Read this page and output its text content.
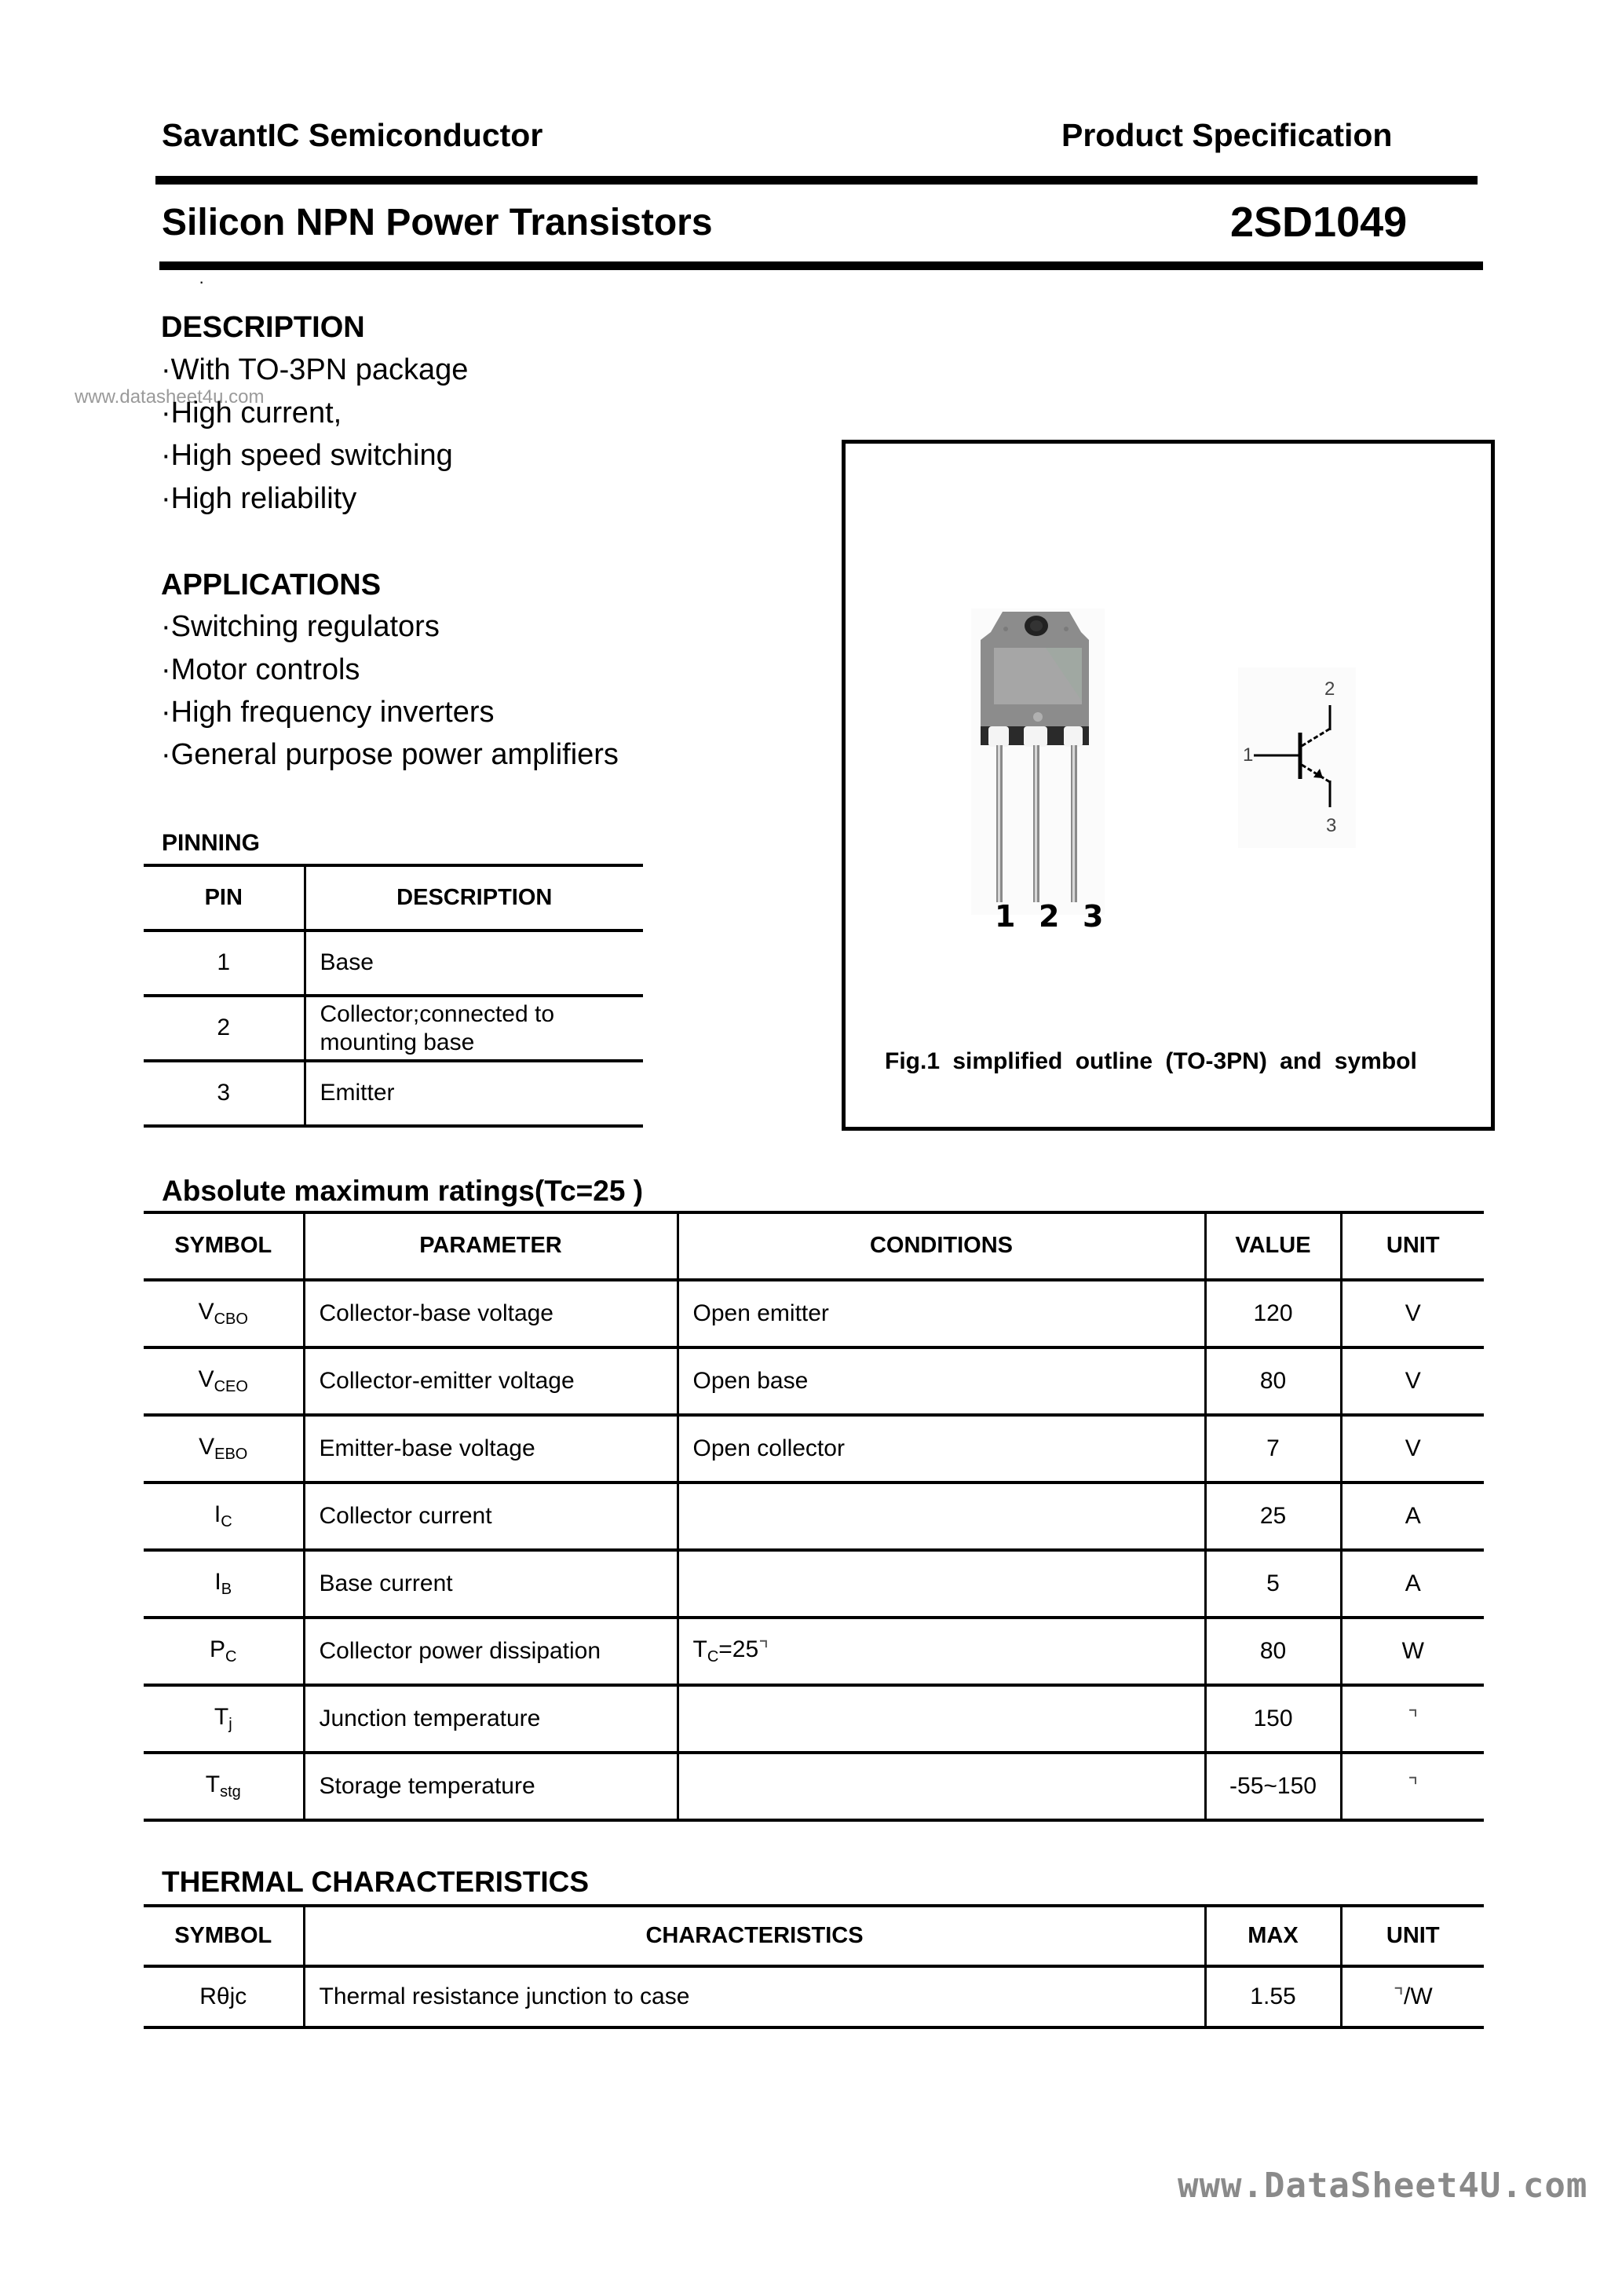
SavantIC Semiconductor	Product Specification
Silicon NPN Power Transistors	2SD1049
·
www.datasheet4u.com
DESCRIPTION
·With TO-3PN package
·High current,
·High speed switching
·High reliability
APPLICATIONS
·Switching regulators
·Motor controls
·High frequency inverters
·General purpose power amplifiers
PINNING
PIN	DESCRIPTION
1	Base
2	Collector;connected to
mounting base
3	Emitter
1 2 3
1
2
3
Fig.1 simplified outline (TO-3PN) and symbol
Absolute maximum ratings(Tc=25 )
SYMBOL	PARAMETER	CONDITIONS	VALUE	UNIT
$V_{CBO}$	Collector-base voltage	Open emitter	120	V
$V_{CEO}$	Collector-emitter voltage	Open base	80	V
$V_{EBO}$	Emitter-base voltage	Open collector	7	V
$I_C$	Collector current		25	A
$I_B$	Base current		5	A
$P_C$	Collector power dissipation	$T_C=25⌝$	80	W
$T_j$	Junction temperature		150	⌝
$T_{stg}$	Storage temperature		-55~150	⌝
THERMAL CHARACTERISTICS
SYMBOL	CHARACTERISTICS	MAX	UNIT
Rθjc	Thermal resistance junction to case	1.55	⌝/W
www.DataSheet4U.com
